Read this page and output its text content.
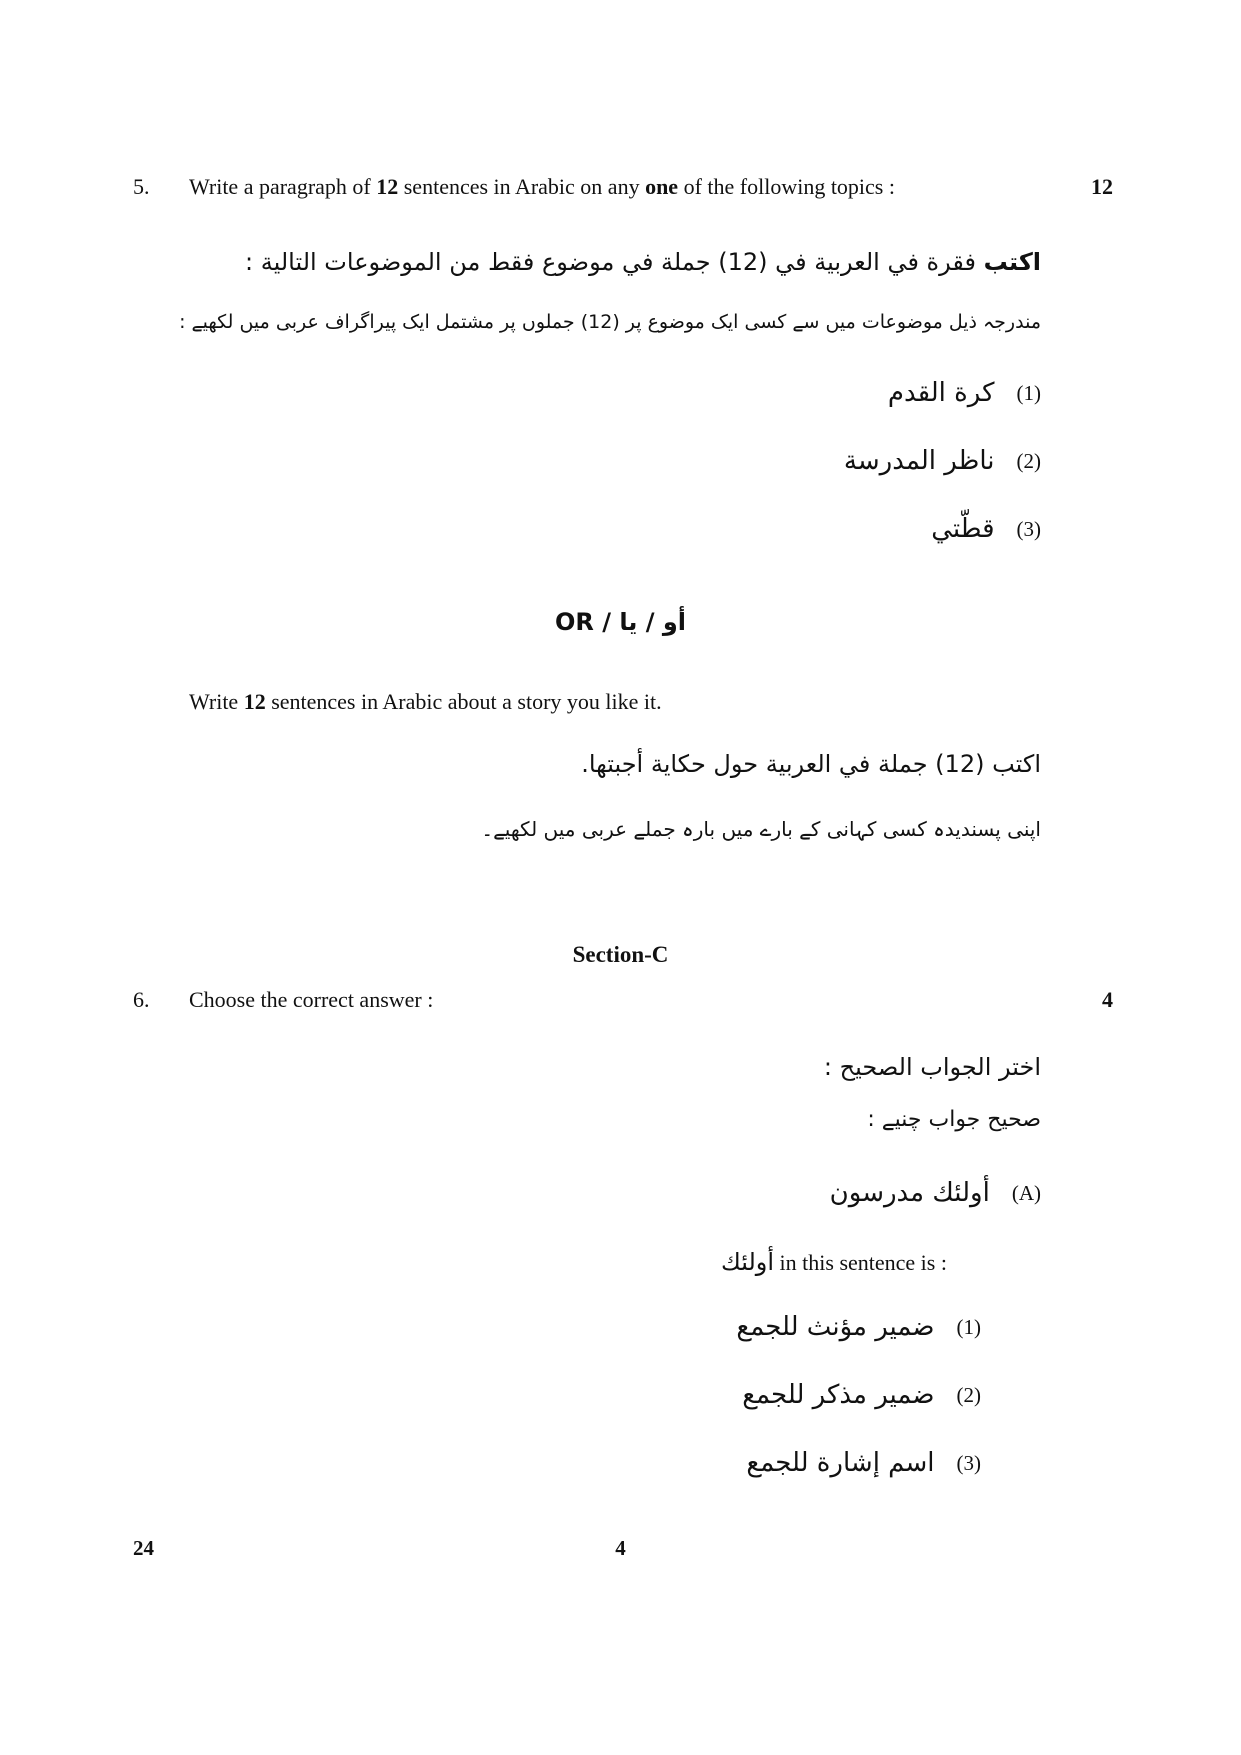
5. Write a paragraph of 12 sentences in Arabic on any one of the following topics :	12
اكتب فقرة في العربية في (12) جملة في موضوع فقط من الموضوعات التالية :
مندرجہ ذیل موضوعات میں سے کسی ایک موضوع پر (12) جملوں پر مشتمل ایک پیراگراف عربی میں لکھیے :
(1)
كرة القدم
(2)
ناظر المدرسة
(3)
قطّتي
OR / أو / یا
Write 12 sentences in Arabic about a story you like it.
اكتب (12) جملة في العربية حول حكاية أجبتها.
اپنی پسندیدہ کسی کہانی کے بارے میں بارہ جملے عربی میں لکھیے۔
Section-C
6. Choose the correct answer :	4
اختر الجواب الصحيح :
صحیح جواب چنیے :
(A)
أولئك مدرسون
أولئك in this sentence is :
(1)
ضمير مؤنث للجمع
(2)
ضمير مذكر للجمع
(3)
اسم إشارة للجمع
24	4
